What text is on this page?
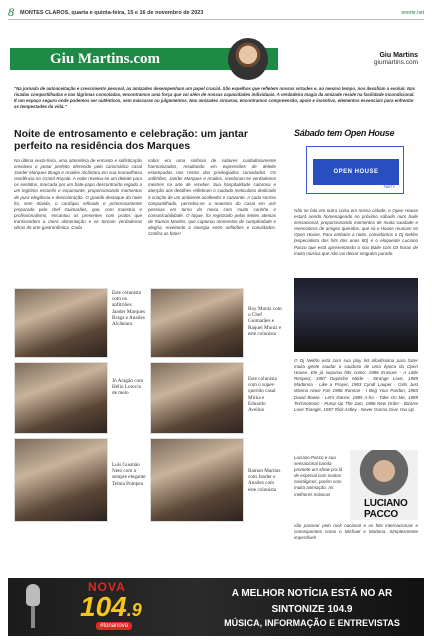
8 MONTES CLAROS, quarta e quinta-feira, 15 e 16 de novembro de 2023	onorte.net
Giu Martins.com	Giu Martins
giumartins.com
"Na jornada de autoaceitação e crescimento pessoal, as amizades desempenham um papel crucial. São espelhos que refletem nossas virtudes e, ao mesmo tempo, nos desafiam a evoluir. Nas risadas compartilhadas e nas lágrimas consoladas, encontramos uma força que vai além de nossas capacidades individuais. A verdadeira magia da amizade reside na facilidade incondicional. É um espaço seguro onde podemos ser autênticos, sem máscaras ou julgamentos. Nas amizades sinceras, encontramos compreensão, apoio e incentivo, elementos essenciais para enfrentar as tempestades da vida."
Noite de entrosamento e celebração: um jantar perfeito na residência dos Marques
Na última sexta-feira, uma atmosfera de encanto e sofisticação envolveu o jantar perfeito oferecido pelo carismático casal Jander Marques Braga e Anailes Alcântara em sua maravilhosa residência no Grand Royale. A noite revelou-se um deleite para os sentidos, marcada por um bate-papo descontraído regado a um legítimo escocês e espumante, proporcionando momentos de pura elegância e descontração. O grande destaque da noite foi, sem dúvida, o cardápio refinado e primorosamente preparado pelo chef Guimarães, que, com maestria e profissionalismo, encantou os presentes com pratos que transcendem a mera alimentação e se tornam verdadeiras obras de arte gastronômica. Cada
sabor era uma sinfonia de sabores cuidadosamente harmonizados, resultando em expressões de deleite estampadas nos rostos dos privilegiados convidados. Os anfitriões, Jander Marques e Anailes, revelaram-se verdadeiros mestres na arte de receber. Sua hospitalidade calorosa e atenção aos detalhes refletiram o cuidado meticuloso dedicado à criação de um ambiente acolhedor e cativante. A cada sorriso compartilhado, percebia-se a maestria do casal em unir pessoas em torno da mesa com muito carinho e comunicabilidade. O toque, foi registrado pelas lentes atentas de Ramon Martins, que capturou momentos de cumplicidade e alegria, revelando a sinergia entre anfitriões e convidados. Confira as fotos!
Este colunista com os anfitriões Jander Marques Braga e Anailes Alcântara
Roy Muniz com o Chef Guimarães e Raquel Muniz e este colunista
Jô Aragão com Hélio Lorocio de melo
Este colunista com o super-querido casal Mirna e Eduardo Avelino
Luís Gusmão Neto com a sempre elegante Telma Pompeu
Ramon Martins com Jander e Anailes com este colunista
Sábado tem Open House
OPEN HOUSE
PARTY
Não se fala em outra coisa em nossa cidade, o Open House estará sendo homenageado no próximo sábado num baile sensacional, proporcionando momentos de muita saudade e reencontros de amigos queridos, que só o House reuniam no Open House. Para embalar a noite, convidamos o Dj Nekho (especialista dos hits dos anos 80) e o eloquente Luciano Pacco que está apresentando a sou Baile com 03 horas de muita música que não vai deixar ninguém parado.
O Dj Nekho está com sua play list afiadíssima para fazer muita gente saudar o saudoso de uma época da Open House. Ele já separou hits como: 1986 Erasure - A Little Respect, 1987 Depeche Mode - Strange Love, 1989 Madonna - Like a Prayer, 1983 Cyndi Lauper - Girls Just Wanna Have Fun 1988 Ronnan - I Beg Your Pardon, 1983 David Bowie - Let's Dance, 1985 A-ha - Take On Me, 1989 Technotronic - Pump Up The Jam, 1986 New Order - Bizarre Love Triangle, 1987 Rick Astley - Never Gonna Give You Up
Luciano Pacco e sua sensacional banda promete um show pra lá de especial com muitos nostálgicos, porém com muita animação. As melhores músicas
LUCIANO PACCO
vão passear pelo rock nacional e os hits internacionais e consequentes como o Michael e Madona. Simplesmente imperdível!
NOVA
104.9
#tonanova
A MELHOR NOTÍCIA ESTÁ NO AR
SINTONIZE 104.9
MÚSICA, INFORMAÇÃO E ENTREVISTAS
